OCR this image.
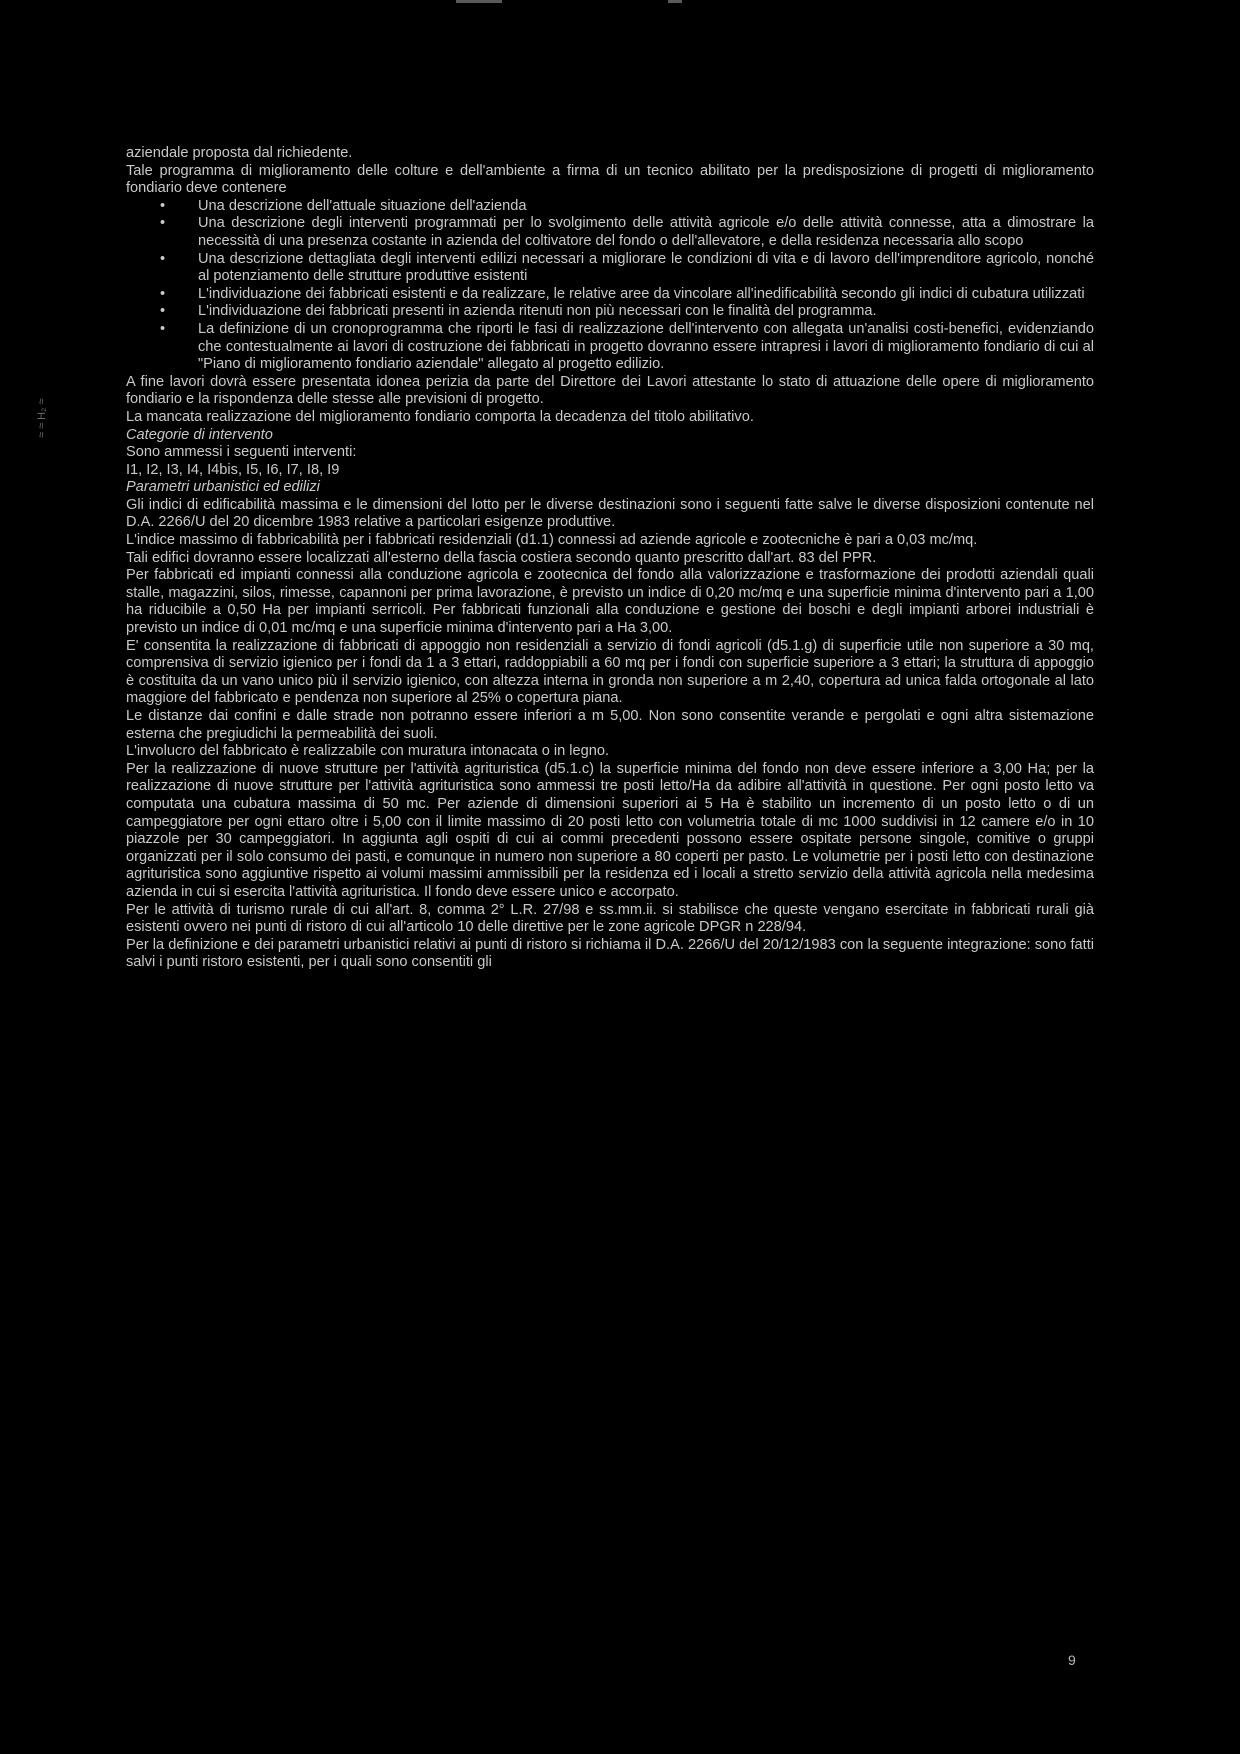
≈ ≈ H₂ ≈

aziendale proposta dal richiedente.

Tale programma di miglioramento delle colture e dell'ambiente a firma di un tecnico abilitato per la predisposizione di progetti di miglioramento fondiario deve contenere

• Una descrizione dell'attuale situazione dell'azienda
• Una descrizione degli interventi programmati per lo svolgimento delle attività agricole e/o delle attività connesse, atta a dimostrare la necessità di una presenza costante in azienda del coltivatore del fondo o dell'allevatore, e della residenza necessaria allo scopo
• Una descrizione dettagliata degli interventi edilizi necessari a migliorare le condizioni di vita e di lavoro dell'imprenditore agricolo, nonché al potenziamento delle strutture produttive esistenti
• L'individuazione dei fabbricati esistenti e da realizzare, le relative aree da vincolare all'inedificabilità secondo gli indici di cubatura utilizzati
• L'individuazione dei fabbricati presenti in azienda ritenuti non più necessari con le finalità del programma.
• La definizione di un cronoprogramma che riporti le fasi di realizzazione dell'intervento con allegata un'analisi costi-benefici, evidenziando che contestualmente ai lavori di costruzione dei fabbricati in progetto dovranno essere intrapresi i lavori di miglioramento fondiario di cui al "Piano di miglioramento fondiario aziendale" allegato al progetto edilizio.

A fine lavori dovrà essere presentata idonea perizia da parte del Direttore dei Lavori attestante lo stato di attuazione delle opere di miglioramento fondiario e la rispondenza delle stesse alle previsioni di progetto.

La mancata realizzazione del miglioramento fondiario comporta la decadenza del titolo abilitativo.

Categorie di intervento

Sono ammessi i seguenti interventi:

I1, I2, I3, I4, I4bis, I5, I6, I7, I8, I9

Parametri urbanistici ed edilizi

Gli indici di edificabilità massima e le dimensioni del lotto per le diverse destinazioni sono i seguenti fatte salve le diverse disposizioni contenute nel D.A. 2266/U del 20 dicembre 1983 relative a particolari esigenze produttive.

L'indice massimo di fabbricabilità per i fabbricati residenziali (d1.1) connessi ad aziende agricole e zootecniche è pari a 0,03 mc/mq.

Tali edifici dovranno essere localizzati all'esterno della fascia costiera secondo quanto prescritto dall'art. 83 del PPR.

Per fabbricati ed impianti connessi alla conduzione agricola e zootecnica del fondo alla valorizzazione e trasformazione dei prodotti aziendali quali stalle, magazzini, silos, rimesse, capannoni per prima lavorazione, è previsto un indice di 0,20 mc/mq e una superficie minima d'intervento pari a 1,00 ha riducibile a 0,50 Ha per impianti serricoli. Per fabbricati funzionali alla conduzione e gestione dei boschi e degli impianti arborei industriali è previsto un indice di 0,01 mc/mq e una superficie minima d'intervento pari a Ha 3,00.

E' consentita la realizzazione di fabbricati di appoggio non residenziali a servizio di fondi agricoli (d5.1.g) di superficie utile non superiore a 30 mq, comprensiva di servizio igienico per i fondi da 1 a 3 ettari, raddoppiabili a 60 mq per i fondi con superficie superiore a 3 ettari; la struttura di appoggio è costituita da un vano unico più il servizio igienico, con altezza interna in gronda non superiore a m 2,40, copertura ad unica falda ortogonale al lato maggiore del fabbricato e pendenza non superiore al 25% o copertura piana.

Le distanze dai confini e dalle strade non potranno essere inferiori a m 5,00. Non sono consentite verande e pergolati e ogni altra sistemazione esterna che pregiudichi la permeabilità dei suoli.

L'involucro del fabbricato è realizzabile con muratura intonacata o in legno.

Per la realizzazione di nuove strutture per l'attività agrituristica (d5.1.c) la superficie minima del fondo non deve essere inferiore a 3,00 Ha; per la realizzazione di nuove strutture per l'attività agrituristica sono ammessi tre posti letto/Ha da adibire all'attività in questione. Per ogni posto letto va computata una cubatura massima di 50 mc. Per aziende di dimensioni superiori ai 5 Ha è stabilito un incremento di un posto letto o di un campeggiatore per ogni ettaro oltre i 5,00 con il limite massimo di 20 posti letto con volumetria totale di mc 1000 suddivisi in 12 camere e/o in 10 piazzole per 30 campeggiatori. In aggiunta agli ospiti di cui ai commi precedenti possono essere ospitate persone singole, comitive o gruppi organizzati per il solo consumo dei pasti, e comunque in numero non superiore a 80 coperti per pasto. Le volumetrie per i posti letto con destinazione agrituristica sono aggiuntive rispetto ai volumi massimi ammissibili per la residenza ed i locali a stretto servizio della attività agricola nella medesima azienda in cui si esercita l'attività agrituristica. Il fondo deve essere unico e accorpato.

Per le attività di turismo rurale di cui all'art. 8, comma 2° L.R. 27/98 e ss.mm.ii. si stabilisce che queste vengano esercitate in fabbricati rurali già esistenti ovvero nei punti di ristoro di cui all'articolo 10 delle direttive per le zone agricole DPGR n 228/94.

Per la definizione e dei parametri urbanistici relativi ai punti di ristoro si richiama il D.A. 2266/U del 20/12/1983 con la seguente integrazione: sono fatti salvi i punti ristoro esistenti, per i quali sono consentiti gli

9
